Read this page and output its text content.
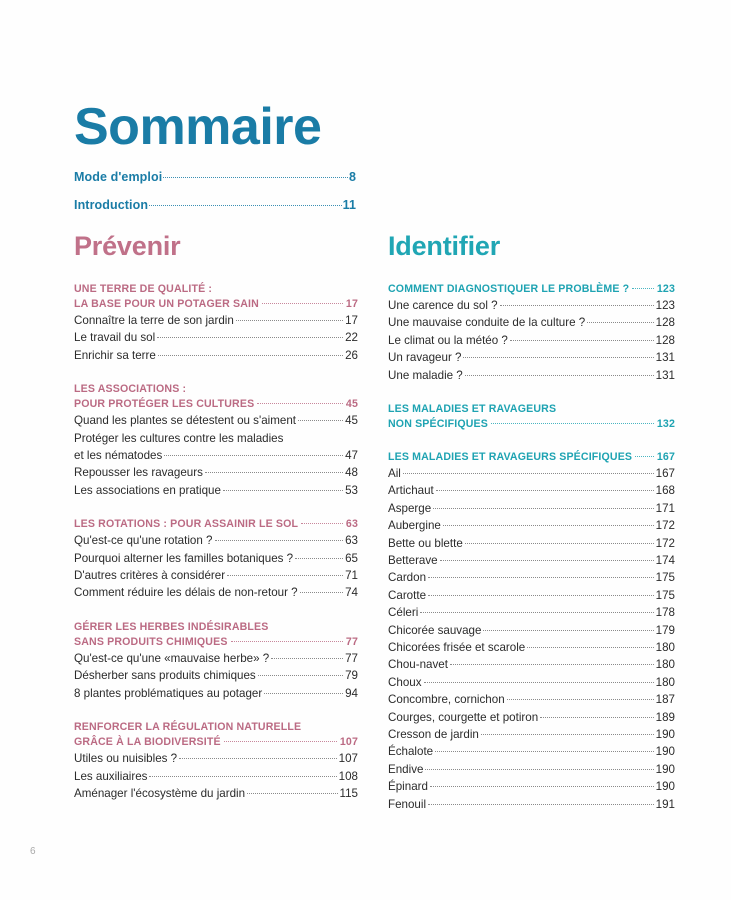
Sommaire
Mode d'emploi	8
Introduction	11
Prévenir
UNE TERRE DE QUALITÉ :
LA BASE POUR UN POTAGER SAIN	17
Connaître la terre de son jardin	17
Le travail du sol	22
Enrichir sa terre	26
LES ASSOCIATIONS :
POUR PROTÉGER LES CULTURES	45
Quand les plantes se détestent ou s'aiment	45
Protéger les cultures contre les maladies
et les nématodes	47
Repousser les ravageurs	48
Les associations en pratique	53
LES ROTATIONS : POUR ASSAINIR LE SOL	63
Qu'est-ce qu'une rotation ?	63
Pourquoi alterner les familles botaniques ?	65
D'autres critères à considérer	71
Comment réduire les délais de non-retour ?	74
GÉRER LES HERBES INDÉSIRABLES
SANS PRODUITS CHIMIQUES	77
Qu'est-ce qu'une «mauvaise herbe» ?	77
Désherber sans produits chimiques	79
8 plantes problématiques au potager	94
RENFORCER LA RÉGULATION NATURELLE
GRÂCE À LA BIODIVERSITÉ	107
Utiles ou nuisibles ?	107
Les auxiliaires	108
Aménager l'écosystème du jardin	115
Identifier
COMMENT DIAGNOSTIQUER LE PROBLÈME ?	123
Une carence du sol ?	123
Une mauvaise conduite de la culture ?	128
Le climat ou la météo ?	128
Un ravageur ?	131
Une maladie ?	131
LES MALADIES ET RAVAGEURS
NON SPÉCIFIQUES	132
LES MALADIES ET RAVAGEURS SPÉCIFIQUES 167
Ail	167
Artichaut	168
Asperge	171
Aubergine	172
Bette ou blette	172
Betterave	174
Cardon	175
Carotte	175
Céleri	178
Chicorée sauvage	179
Chicorées frisée et scarole	180
Chou-navet	180
Choux	180
Concombre, cornichon	187
Courges, courgette et potiron	189
Cresson de jardin	190
Échalote	190
Endive	190
Épinard	190
Fenouil	191
6
